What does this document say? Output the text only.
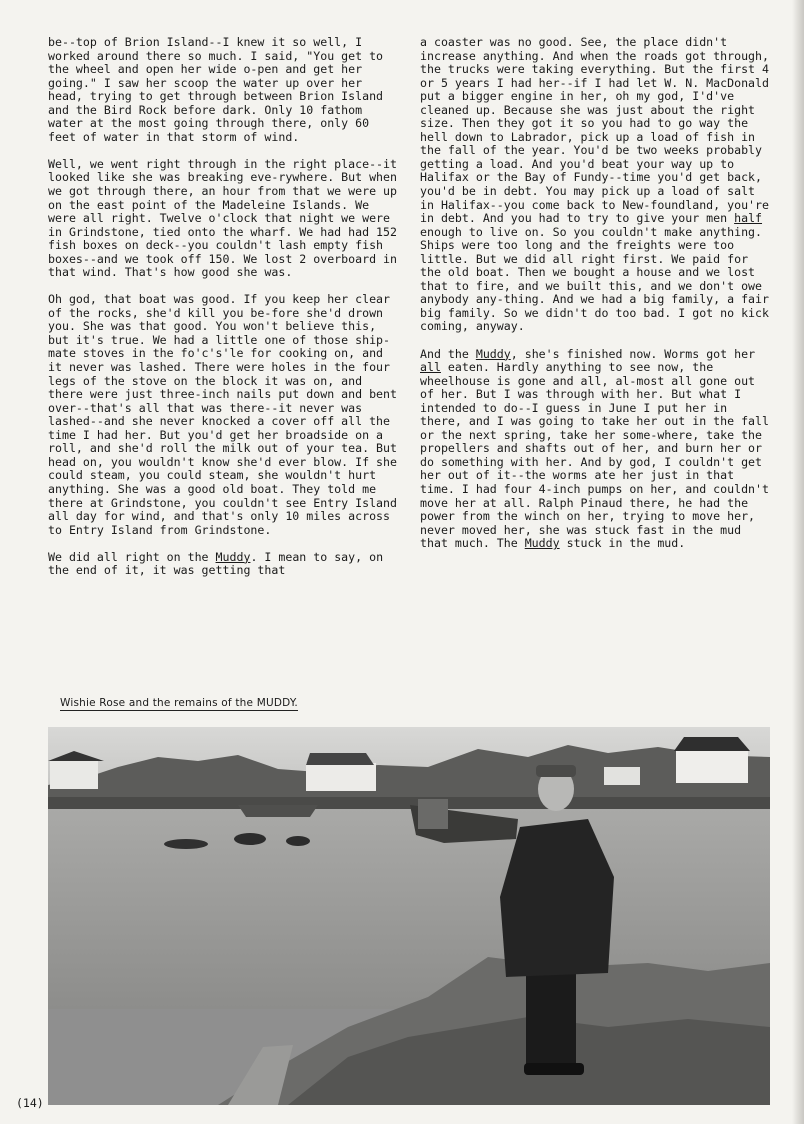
be--top of Brion Island--I knew it so well, I worked around there so much. I said, "You get to the wheel and open her wide o-pen and get her going." I saw her scoop the water up over her head, trying to get through between Brion Island and the Bird Rock before dark. Only 10 fathom water at the most going through there, only 60 feet of water in that storm of wind.

Well, we went right through in the right place--it looked like she was breaking eve-rywhere. But when we got through there, an hour from that we were up on the east point of the Madeleine Islands. We were all right. Twelve o'clock that night we were in Grindstone, tied onto the wharf. We had had 152 fish boxes on deck--you couldn't lash empty fish boxes--and we took off 150. We lost 2 overboard in that wind. That's how good she was.

Oh god, that boat was good. If you keep her clear of the rocks, she'd kill you be-fore she'd drown you. She was that good. You won't believe this, but it's true. We had a little one of those ship-mate stoves in the fo'c's'le for cooking on, and it never was lashed. There were holes in the four legs of the stove on the block it was on, and there were just three-inch nails put down and bent over--that's all that was there--it never was lashed--and she never knocked a cover off all the time I had her. But you'd get her broadside on a roll, and she'd roll the milk out of your tea. But head on, you wouldn't know she'd ever blow. If she could steam, you could steam, she wouldn't hurt anything. She was a good old boat. They told me there at Grindstone, you couldn't see Entry Island all day for wind, and that's only 10 miles across to Entry Island from Grindstone.

We did all right on the Muddy. I mean to say, on the end of it, it was getting that

a coaster was no good. See, the place didn't increase anything. And when the roads got through, the trucks were taking everything. But the first 4 or 5 years I had her--if I had let W. N. MacDonald put a bigger engine in her, oh my god, I'd've cleaned up. Because she was just about the right size. Then they got it so you had to go way the hell down to Labrador, pick up a load of fish in the fall of the year. You'd be two weeks probably getting a load. And you'd beat your way up to Halifax or the Bay of Fundy--time you'd get back, you'd be in debt. You may pick up a load of salt in Halifax--you come back to New-foundland, you're in debt. And you had to try to give your men half enough to live on. So you couldn't make anything. Ships were too long and the freights were too little. But we did all right first. We paid for the old boat. Then we bought a house and we lost that to fire, and we built this, and we don't owe anybody any-thing. And we had a big family, a fair big family. So we didn't do too bad. I got no kick coming, anyway.

And the Muddy, she's finished now. Worms got her all eaten. Hardly anything to see now, the wheelhouse is gone and all, al-most all gone out of her. But I was through with her. But what I intended to do--I guess in June I put her in there, and I was going to take her out in the fall or the next spring, take her some-where, take the propellers and shafts out of her, and burn her or do something with her. And by god, I couldn't get her out of it--the worms ate her just in that time. I had four 4-inch pumps on her, and couldn't move her at all. Ralph Pinaud there, he had the power from the winch on her, trying to move her, never moved her, she was stuck fast in the mud that much. The Muddy stuck in the mud.

Wishie Rose and the remains of the MUDDY.
(14)
